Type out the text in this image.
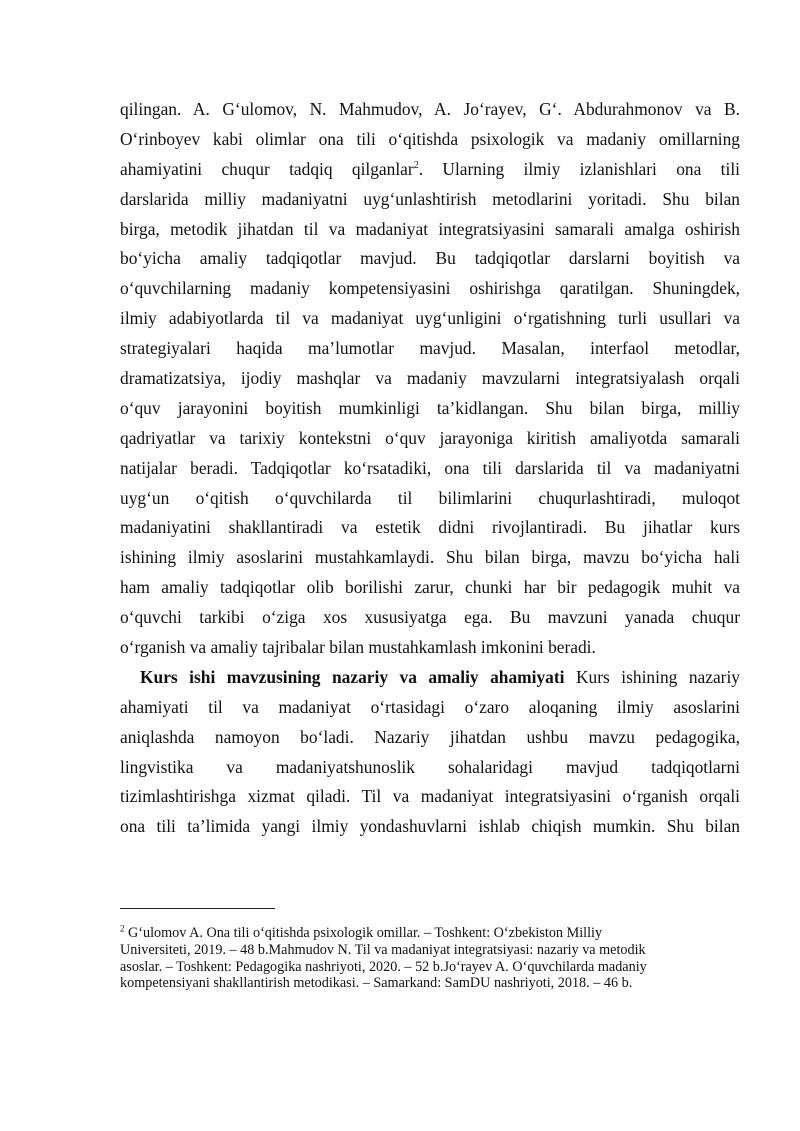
qilingan. A. G‘ulomov, N. Mahmudov, A. Jo‘rayev, G‘. Abdurahmonov va B.
O‘rinboyev kabi olimlar ona tili o‘qitishda psixologik va madaniy omillarning
ahamiyatini chuqur tadqiq qilganlar$^2$. Ularning ilmiy izlanishlari ona tili
darslarida milliy madaniyatni uyg‘unlashtirish metodlarini yoritadi. Shu bilan
birga, metodik jihatdan til va madaniyat integratsiyasini samarali amalga oshirish
bo‘yicha amaliy tadqiqotlar mavjud. Bu tadqiqotlar darslarni boyitish va
o‘quvchilarning madaniy kompetensiyasini oshirishga qaratilgan. Shuningdek,
ilmiy adabiyotlarda til va madaniyat uyg‘unligini o‘rgatishning turli usullari va
strategiyalari haqida ma’lumotlar mavjud. Masalan, interfaol metodlar,
dramatizatsiya, ijodiy mashqlar va madaniy mavzularni integratsiyalash orqali
o‘quv jarayonini boyitish mumkinligi ta’kidlangan. Shu bilan birga, milliy
qadriyatlar va tarixiy kontekstni o‘quv jarayoniga kiritish amaliyotda samarali
natijalar beradi. Tadqiqotlar ko‘rsatadiki, ona tili darslarida til va madaniyatni
uyg‘un o‘qitish o‘quvchilarda til bilimlarini chuqurlashtiradi, muloqot
madaniyatini shakllantiradi va estetik didni rivojlantiradi. Bu jihatlar kurs
ishining ilmiy asoslarini mustahkamlaydi. Shu bilan birga, mavzu bo‘yicha hali
ham amaliy tadqiqotlar olib borilishi zarur, chunki har bir pedagogik muhit va
o‘quvchi tarkibi o‘ziga xos xususiyatga ega. Bu mavzuni yanada chuqur
o‘rganish va amaliy tajribalar bilan mustahkamlash imkonini beradi.
Kurs ishi mavzusining nazariy va amaliy ahamiyati Kurs ishining nazariy
ahamiyati til va madaniyat o‘rtasidagi o‘zaro aloqaning ilmiy asoslarini
aniqlashda namoyon bo‘ladi. Nazariy jihatdan ushbu mavzu pedagogika,
lingvistika va madaniyatshunoslik sohalaridagi mavjud tadqiqotlarni
tizimlashtirishga xizmat qiladi. Til va madaniyat integratsiyasini o‘rganish orqali
ona tili ta’limida yangi ilmiy yondashuvlarni ishlab chiqish mumkin. Shu bilan
$^2$ G‘ulomov A. Ona tili o‘qitishda psixologik omillar. – Toshkent: O‘zbekiston Milliy
Universiteti, 2019. – 48 b.Mahmudov N. Til va madaniyat integratsiyasi: nazariy va metodik
asoslar. – Toshkent: Pedagogika nashriyoti, 2020. – 52 b.Jo‘rayev A. O‘quvchilarda madaniy
kompetensiyani shakllantirish metodikasi. – Samarkand: SamDU nashriyoti, 2018. – 46 b.
